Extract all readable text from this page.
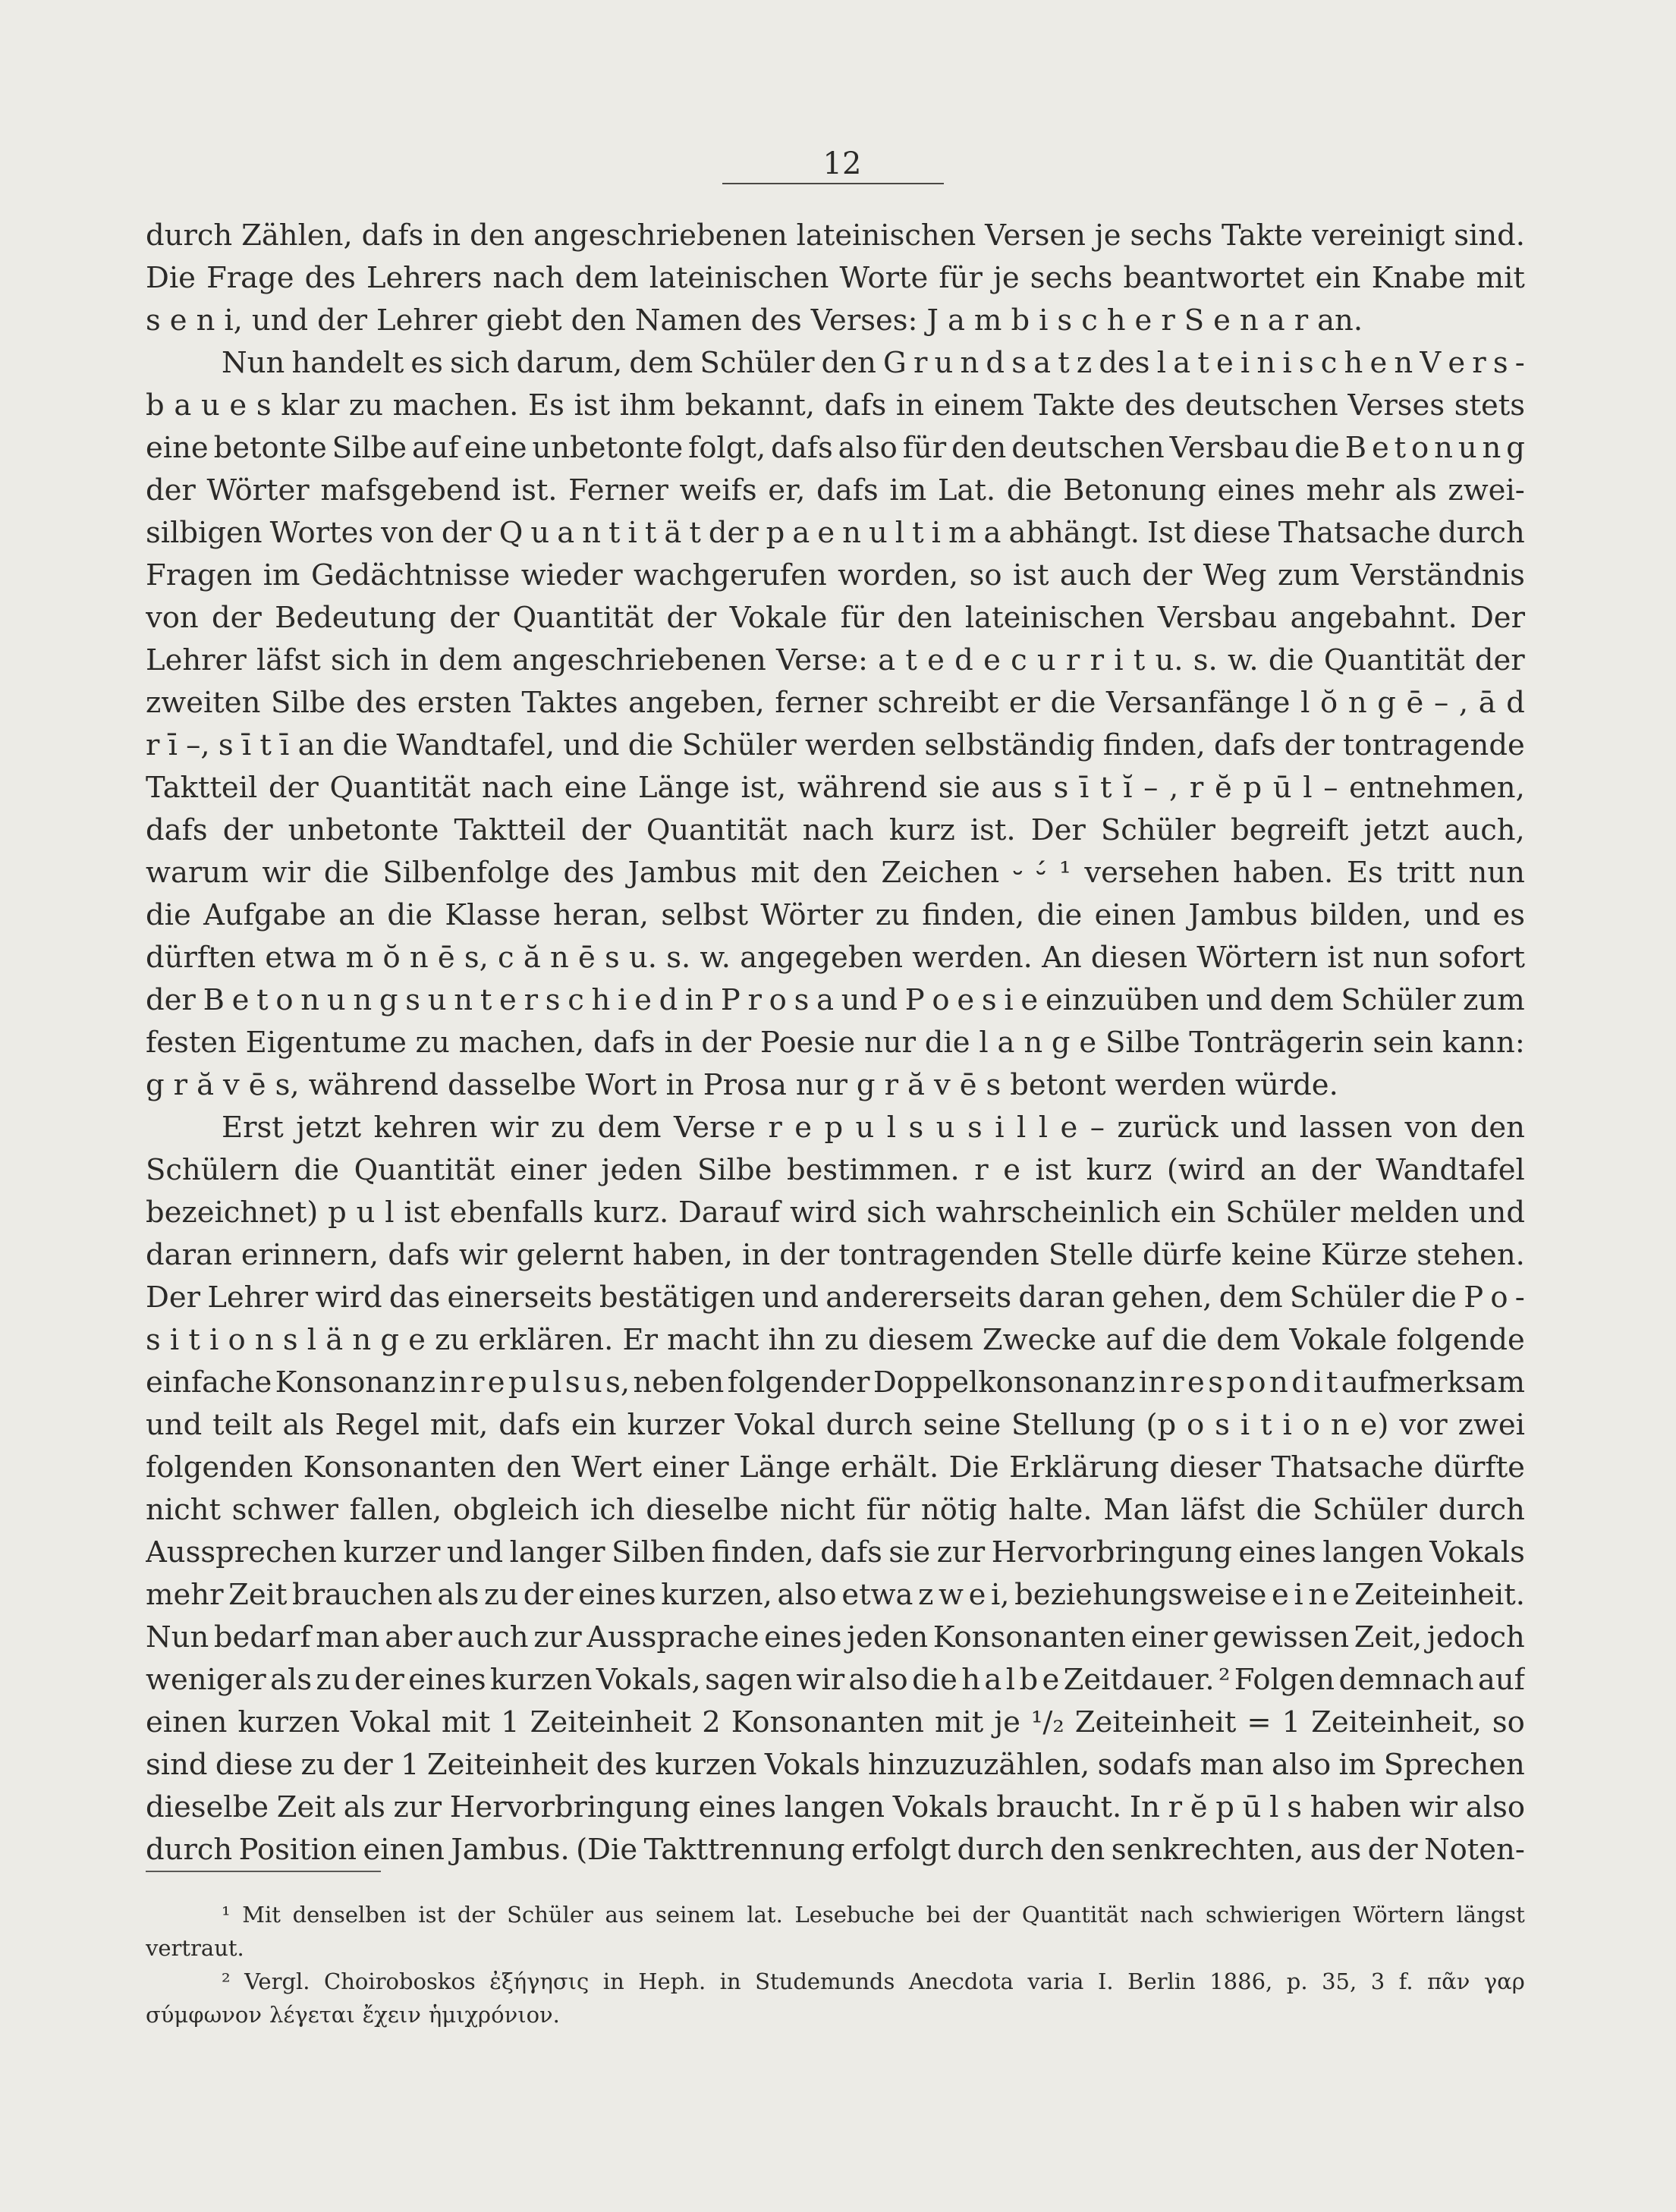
12
durch Zählen, dafs in den angeschriebenen lateinischen Versen je sechs Takte vereinigt sind.
Die Frage des Lehrers nach dem lateinischen Worte für je sechs beantwortet ein Knabe mit
s e n i, und der Lehrer giebt den Namen des Verses: J a m b i s c h e r S e n a r an.
Nun handelt es sich darum, dem Schüler den G r u n d s a t z des l a t e i n i s c h e n V e r s -
b a u e s klar zu machen. Es ist ihm bekannt, dafs in einem Takte des deutschen Verses stets
eine betonte Silbe auf eine unbetonte folgt, dafs also für den deutschen Versbau die B e t o n u n g
der Wörter mafsgebend ist. Ferner weifs er, dafs im Lat. die Betonung eines mehr als zwei-
silbigen Wortes von der Q u a n t i t ä t der p a e n u l t i m a abhängt. Ist diese Thatsache durch
Fragen im Gedächtnisse wieder wachgerufen worden, so ist auch der Weg zum Verständnis
von der Bedeutung der Quantität der Vokale für den lateinischen Versbau angebahnt. Der
Lehrer läfst sich in dem angeschriebenen Verse: a t e d e c u r r i t u. s. w. die Quantität der
zweiten Silbe des ersten Taktes angeben, ferner schreibt er die Versanfänge l ŏ n g ē – , ā d
r ī –, s ī t ī an die Wandtafel, und die Schüler werden selbständig finden, dafs der tontragende
Taktteil der Quantität nach eine Länge ist, während sie aus s ī t ĭ – , r ĕ p ū l – entnehmen,
dafs der unbetonte Taktteil der Quantität nach kurz ist. Der Schüler begreift jetzt auch,
warum wir die Silbenfolge des Jambus mit den Zeichen ⏑ ⏑́ ¹ versehen haben. Es tritt nun
die Aufgabe an die Klasse heran, selbst Wörter zu finden, die einen Jambus bilden, und es
dürften etwa m ŏ n ē s, c ă n ē s u. s. w. angegeben werden. An diesen Wörtern ist nun sofort
der B e t o n u n g s u n t e r s c h i e d in P r o s a und P o e s i e einzuüben und dem Schüler zum
festen Eigentume zu machen, dafs in der Poesie nur die l a n g e Silbe Tonträgerin sein kann:
g r ă v ē s, während dasselbe Wort in Prosa nur g r ă v ē s betont werden würde.
Erst jetzt kehren wir zu dem Verse r e p u l s u s i l l e – zurück und lassen von den
Schülern die Quantität einer jeden Silbe bestimmen. r e ist kurz (wird an der Wandtafel
bezeichnet) p u l ist ebenfalls kurz. Darauf wird sich wahrscheinlich ein Schüler melden und
daran erinnern, dafs wir gelernt haben, in der tontragenden Stelle dürfe keine Kürze stehen.
Der Lehrer wird das einerseits bestätigen und andererseits daran gehen, dem Schüler die P o -
s i t i o n s l ä n g e zu erklären. Er macht ihn zu diesem Zwecke auf die dem Vokale folgende
einfache Konsonanz in r e p u l s u s, neben folgender Doppelkonsonanz in r e s p o n d i t aufmerksam
und teilt als Regel mit, dafs ein kurzer Vokal durch seine Stellung (p o s i t i o n e) vor zwei
folgenden Konsonanten den Wert einer Länge erhält. Die Erklärung dieser Thatsache dürfte
nicht schwer fallen, obgleich ich dieselbe nicht für nötig halte. Man läfst die Schüler durch
Aussprechen kurzer und langer Silben finden, dafs sie zur Hervorbringung eines langen Vokals
mehr Zeit brauchen als zu der eines kurzen, also etwa z w e i, beziehungsweise e i n e Zeiteinheit.
Nun bedarf man aber auch zur Aussprache eines jeden Konsonanten einer gewissen Zeit, jedoch
weniger als zu der eines kurzen Vokals, sagen wir also die h a l b e Zeitdauer. ² Folgen demnach auf
einen kurzen Vokal mit 1 Zeiteinheit 2 Konsonanten mit je ¹/₂ Zeiteinheit = 1 Zeiteinheit, so
sind diese zu der 1 Zeiteinheit des kurzen Vokals hinzuzuzählen, sodafs man also im Sprechen
dieselbe Zeit als zur Hervorbringung eines langen Vokals braucht. In r ĕ p ū l s haben wir also
durch Position einen Jambus. (Die Takttrennung erfolgt durch den senkrechten, aus der Noten-
¹ Mit denselben ist der Schüler aus seinem lat. Lesebuche bei der Quantität nach schwierigen Wörtern längst
vertraut.
² Vergl. Choiroboskos ἐξήγησις in Heph. in Studemunds Anecdota varia I. Berlin 1886, p. 35, 3 f. πᾶν γαρ
σύμφωνον λέγεται ἔχειν ἡμιχρόνιον.
